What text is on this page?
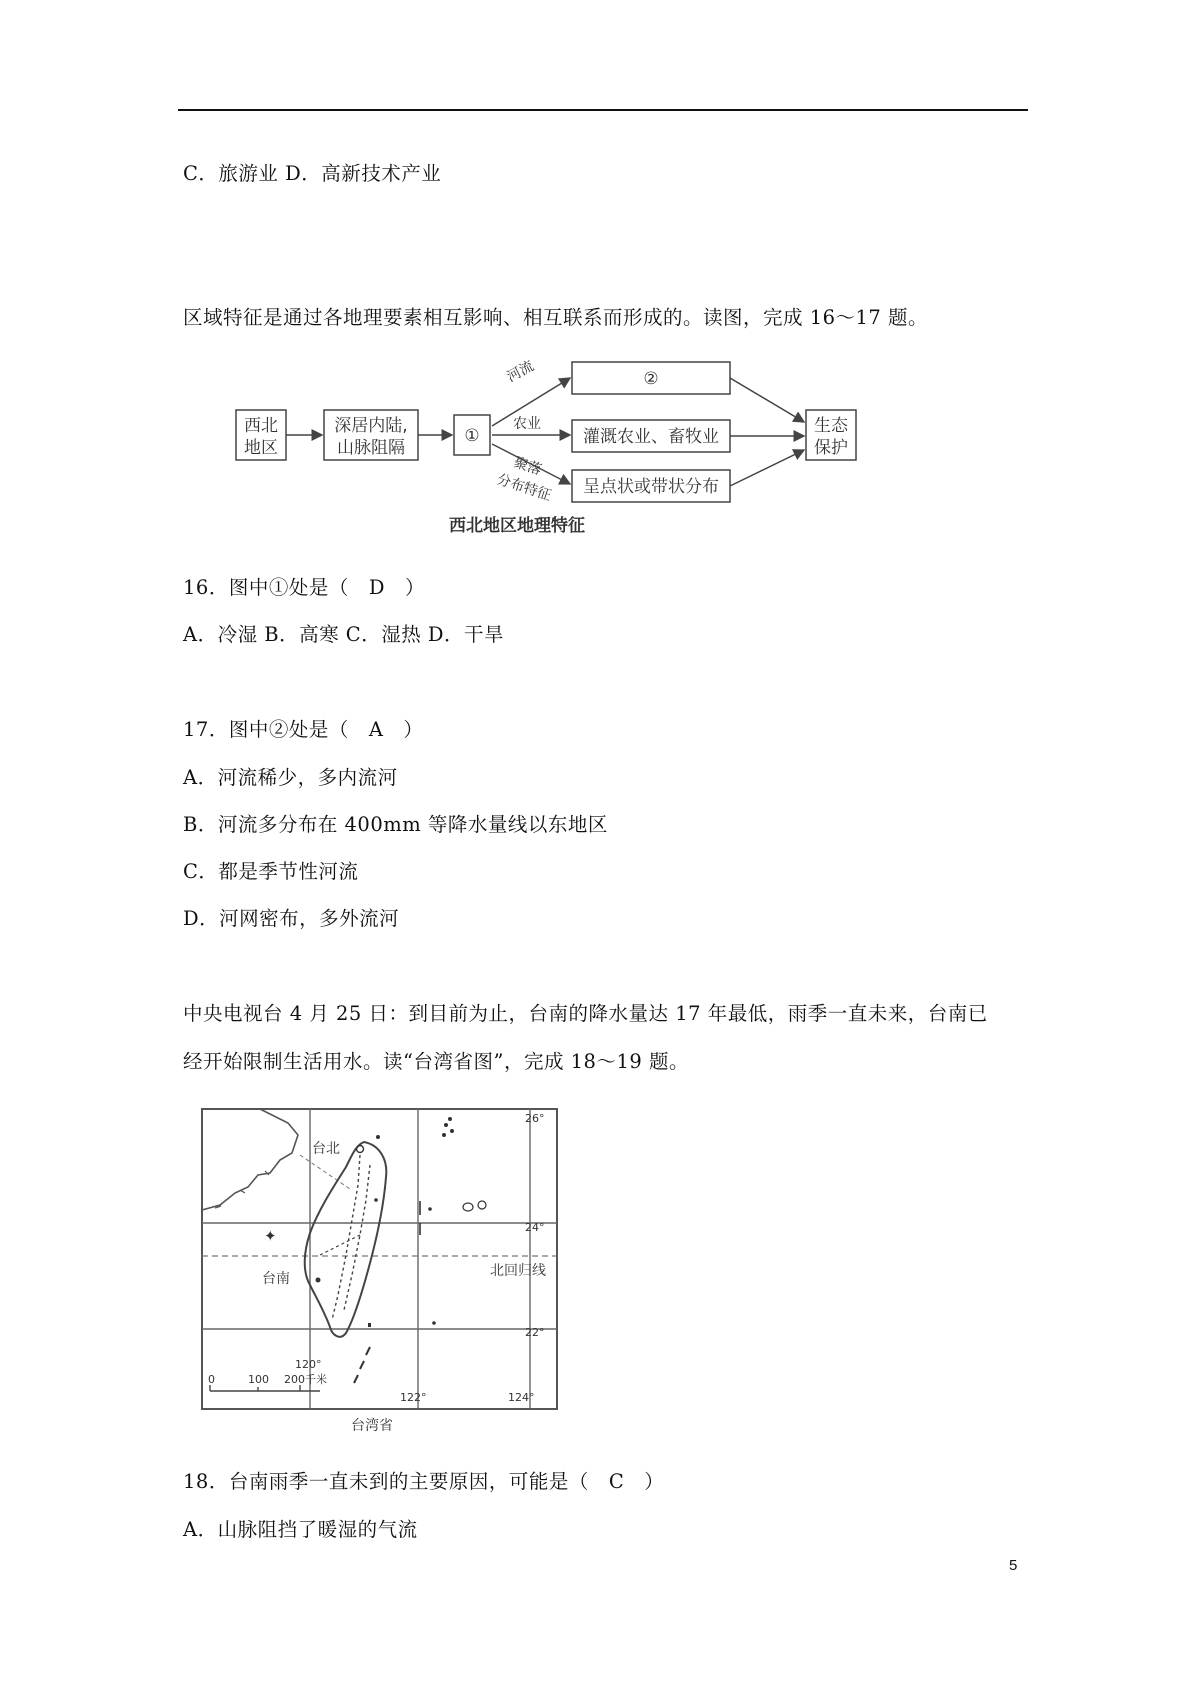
C．旅游业 D．高新技术产业
区域特征是通过各地理要素相互影响、相互联系而形成的。读图，完成 16～17 题。
西北
地区
深居内陆,
山脉阻隔
①
河流
农业
聚落
分布特征
②
灌溉农业、畜牧业
呈点状或带状分布
生态
保护
西北地区地理特征
16．图中①处是（　D　）
A．冷湿 B．高寒 C．湿热 D．干旱
17．图中②处是（　A　）
A．河流稀少，多内流河
B．河流多分布在 400mm 等降水量线以东地区
C．都是季节性河流
D．河网密布，多外流河
中央电视台 4 月 25 日：到目前为止，台南的降水量达 17 年最低，雨季一直未来，台南已
经开始限制生活用水。读“台湾省图”，完成 18～19 题。
✦
台北
台南	北回归线
26°
24°
22°
120°
122°	124°
0	100 200千米
台湾省
18．台南雨季一直未到的主要原因，可能是（　C　）
A．山脉阻挡了暖湿的气流
5
